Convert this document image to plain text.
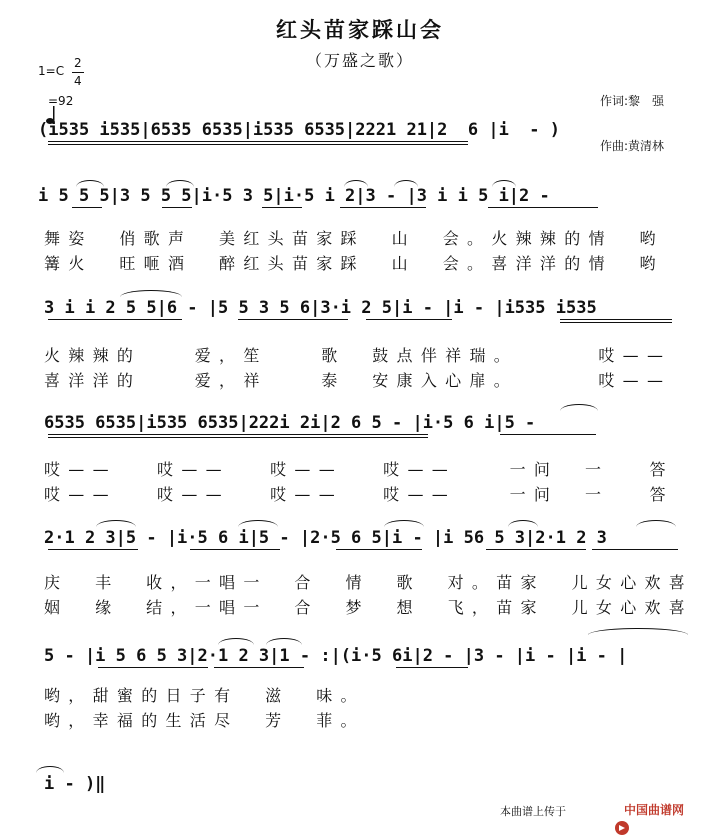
红头苗家踩山会
（万盛之歌）
1=C
2
4

=92

	作词:黎　强

作曲:黄清林

(i535 i535|6535 6535|i535 6535|2221 21|2  6 |i  - )
i 5 5 5|3 5 5 5|i·5 3 5|i·5 i 2|3 - |3 i i 5 i|2 -
舞姿  俏歌声  美红头苗家踩  山  会。火辣辣的情  哟
篝火  旺咂酒  醉红头苗家踩  山  会。喜洋洋的情  哟
3 i i 2 5 5|6 - |5 5 3 5 6|3·i 2 5|i - |i - |i535 i535
火辣辣的    爱，笙    歌  鼓点伴祥瑞。      哎——
喜洋洋的    爱，祥    泰  安康入心扉。      哎——
6535 6535|i535 6535|222i 2i|2 6 5 - |i·5 6 i|5 -
哎——   哎——   哎——   哎——    一问  一   答
哎——   哎——   哎——   哎——    一问  一   答
2·1 2 3|5 - |i·5 6 i|5 - |2·5 6 5|i - |i 56 5 3|2·1 2 3
庆  丰  收，一唱一  合  情  歌  对。苗家  儿女心欢喜
姻  缘  结，一唱一  合  梦  想  飞，苗家  儿女心欢喜
5 - |i 5 6 5 3|2·1 2 3|1 - :|(i·5 6i|2 - |3 - |i - |i - |
哟，甜蜜的日子有  滋  味。
哟，幸福的生活尽  芳  菲。
i - )‖
本曲谱上传于

	中国曲谱网
